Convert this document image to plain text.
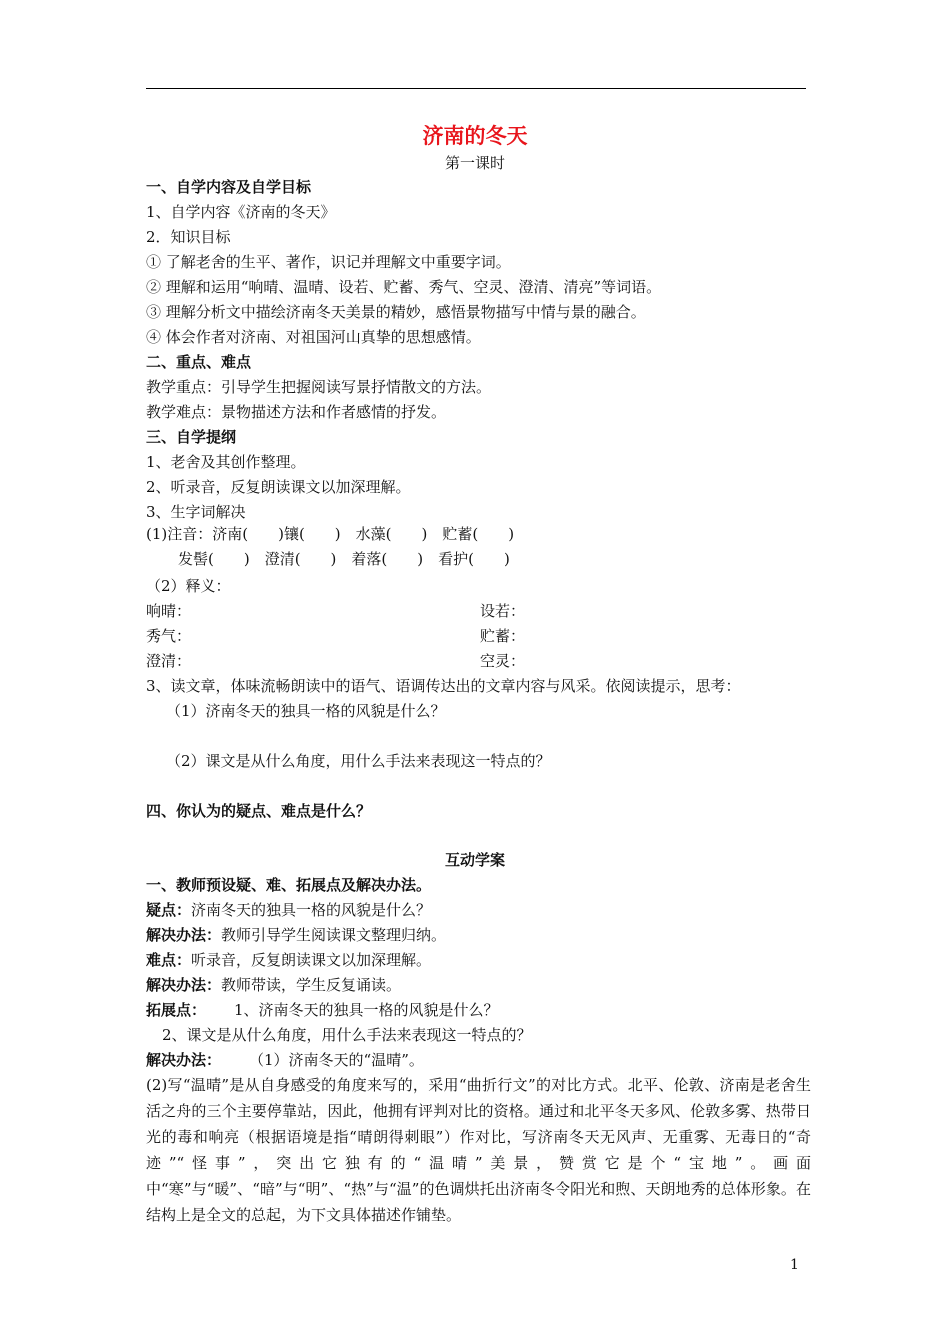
济南的冬天
第一课时
一、自学内容及自学目标
1、自学内容《济南的冬天》
2．知识目标
① 了解老舍的生平、著作，识记并理解文中重要字词。
② 理解和运用“响晴、温晴、设若、贮蓄、秀气、空灵、澄清、清亮”等词语。
③ 理解分析文中描绘济南冬天美景的精妙，感悟景物描写中情与景的融合。
④ 体会作者对济南、对祖国河山真挚的思想感情。
二、重点、难点
教学重点：引导学生把握阅读写景抒情散文的方法。
教学难点：景物描述方法和作者感情的抒发。
三、自学提纲
1、老舍及其创作整理。
2、听录音，反复朗读课文以加深理解。
3、生字词解决
(1)注音：济南(　　)镶(　　)　水藻(　　)　贮蓄(　　)
发髻(　　)　澄清(　　)　着落(　　)　看护(　　)
（2）释义：
响晴：
秀气：
澄清：
设若：
贮蓄：
空灵：
3、读文章，体味流畅朗读中的语气、语调传达出的文章内容与风采。依阅读提示，思考：
（1）济南冬天的独具一格的风貌是什么？
（2）课文是从什么角度，用什么手法来表现这一特点的？
四、你认为的疑点、难点是什么？
互动学案
一、教师预设疑、难、拓展点及解决办法。
疑点：济南冬天的独具一格的风貌是什么？
解决办法：教师引导学生阅读课文整理归纳。
难点：听录音，反复朗读课文以加深理解。
解决办法：教师带读，学生反复诵读。
拓展点： 1、济南冬天的独具一格的风貌是什么？
2、课文是从什么角度，用什么手法来表现这一特点的？
解决办法： （1）济南冬天的“温晴”。
(2)写“温晴”是从自身感受的角度来写的，采用“曲折行文”的对比方式。北平、伦敦、济南是老舍生活之舟的三个主要停靠站，因此，他拥有评判对比的资格。通过和北平冬天多风、伦敦多雾、热带日光的毒和响亮（根据语境是指“晴朗得刺眼”）作对比，写济南冬天无风声、无重雾、无毒日的“奇迹”“怪事”，突出它独有的“温晴”美景，赞赏它是个“宝地”。画面中“寒”与“暖”、“暗”与“明”、“热”与“温”的色调烘托出济南冬令阳光和煦、天朗地秀的总体形象。在结构上是全文的总起，为下文具体描述作铺垫。
1
